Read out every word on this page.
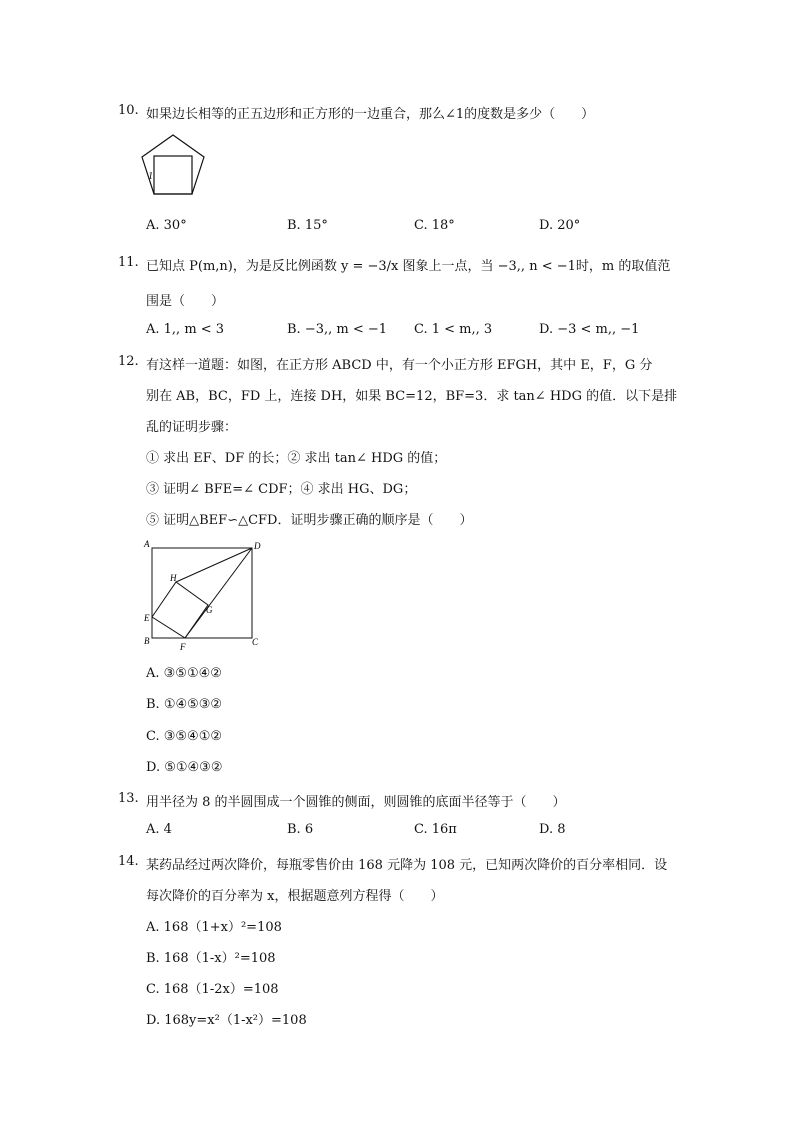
10. 如果边长相等的正五边形和正方形的一边重合，那么∠1的度数是多少（　　）
1
A. 30°	B. 15°	C. 18°	D. 20°
11. 已知点 P(m,n)，为是反比例函数 y = −3/x 图象上一点，当 −3,, n < −1时，m 的取值范
围是（　　）
A. 1,, m < 3	B. −3,, m < −1 C. 1 < m,, 3	D. −3 < m,, −1
12. 有这样一道题：如图，在正方形 ABCD 中，有一个小正方形 EFGH，其中 E，F，G 分
别在 AB，BC，FD 上，连接 DH，如果 BC=12，BF=3．求 tan∠ HDG 的值．以下是排
乱的证明步骤：
① 求出 EF、DF 的长；② 求出 tan∠ HDG 的值；
③ 证明∠ BFE=∠ CDF；④ 求出 HG、DG；
⑤ 证明△BEF∽△CFD．证明步骤正确的顺序是（　　）
A	D
H
G
E
B
F	C
A. ③⑤①④②
B. ①④⑤③②
C. ③⑤④①②
D. ⑤①④③②
13. 用半径为 8 的半圆围成一个圆锥的侧面，则圆锥的底面半径等于（　　）
A. 4	B. 6	C. 16π	D. 8
14. 某药品经过两次降价，每瓶零售价由 168 元降为 108 元，已知两次降价的百分率相同．设
每次降价的百分率为 x，根据题意列方程得（　　）
A. 168（1+x）²=108
B. 168（1-x）²=108
C. 168（1-2x）=108
D. 168y=x²（1-x²）=108
